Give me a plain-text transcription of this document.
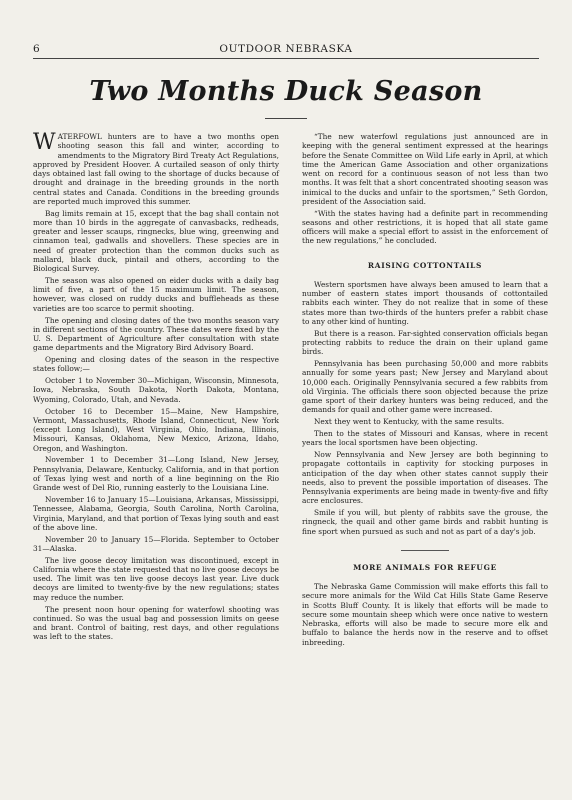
6	OUTDOOR NEBRASKA
Two Months Duck Season

WATERFOWL hunters are to have a two months open shooting season this fall and winter, according to amendments to the Migratory Bird Treaty Act Regulations, approved by President Hoover. A curtailed season of only thirty days obtained last fall owing to the shortage of ducks because of drought and drainage in the breeding grounds in the north central states and Canada. Conditions in the breeding grounds are reported much improved this summer.

Bag limits remain at 15, except that the bag shall contain not more than 10 birds in the aggregate of canvasbacks, redheads, greater and lesser scaups, ringnecks, blue wing, greenwing and cinnamon teal, gadwalls and shovellers. These species are in need of greater protection than the common ducks such as mallard, black duck, pintail and others, according to the Biological Survey.

The season was also opened on eider ducks with a daily bag limit of five, a part of the 15 maximum limit. The season, however, was closed on ruddy ducks and buffleheads as these varieties are too scarce to permit shooting.

The opening and closing dates of the two months season vary in different sections of the country. These dates were fixed by the U. S. Department of Agriculture after consultation with state game departments and the Migratory Bird Advisory Board.

Opening and closing dates of the season in the respective states follow;—

October 1 to November 30—Michigan, Wisconsin, Minnesota, Iowa, Nebraska, South Dakota, North Dakota, Montana, Wyoming, Colorado, Utah, and Nevada.

October 16 to December 15—Maine, New Hampshire, Vermont, Massachusetts, Rhode Island, Connecticut, New York (except Long Island), West Virginia, Ohio, Indiana, Illinois, Missouri, Kansas, Oklahoma, New Mexico, Arizona, Idaho, Oregon, and Washington.

November 1 to December 31—Long Island, New Jersey, Pennsylvania, Delaware, Kentucky, California, and in that portion of Texas lying west and north of a line beginning on the Rio Grande west of Del Rio, running easterly to the Louisiana Line.

November 16 to January 15—Louisiana, Arkansas, Mississippi, Tennessee, Alabama, Georgia, South Carolina, North Carolina, Virginia, Maryland, and that portion of Texas lying south and east of the above line.

November 20 to January 15—Florida. September to October 31—Alaska.

The live goose decoy limitation was discontinued, except in California where the state requested that no live goose decoys be used. The limit was ten live goose decoys last year. Live duck decoys are limited to twenty-five by the new regulations; states may reduce the number.

The present noon hour opening for waterfowl shooting was continued. So was the usual bag and possession limits on geese and brant. Control of baiting, rest days, and other regulations was left to the states.

“The new waterfowl regulations just announced are in keeping with the general sentiment expressed at the hearings before the Senate Committee on Wild Life early in April, at which time the American Game Association and other organizations went on record for a continuous season of not less than two months. It was felt that a short concentrated shooting season was inimical to the ducks and unfair to the sportsmen,” Seth Gordon, president of the Association said.

“With the states having had a definite part in recommending seasons and other restrictions, it is hoped that all state game officers will make a special effort to assist in the enforcement of the new regulations,” he concluded.

RAISING COTTONTAILS

Western sportsmen have always been amused to learn that a number of eastern states import thousands of cottontailed rabbits each winter. They do not realize that in some of these states more than two-thirds of the hunters prefer a rabbit chase to any other kind of hunting.

But there is a reason. Far-sighted conservation officials began protecting rabbits to reduce the drain on their upland game birds.

Pennsylvania has been purchasing 50,000 and more rabbits annually for some years past; New Jersey and Maryland about 10,000 each. Originally Pennsylvania secured a few rabbits from old Virginia. The officials there soon objected because the prize game sport of their darkey hunters was being reduced, and the demands for quail and other game were increased.

Next they went to Kentucky, with the same results.

Then to the states of Missouri and Kansas, where in recent years the local sportsmen have been objecting.

Now Pennsylvania and New Jersey are both beginning to propagate cottontails in captivity for stocking purposes in anticipation of the day when other states cannot supply their needs, also to prevent the possible importation of diseases. The Pennsylvania experiments are being made in twenty-five and fifty acre enclosures.

Smile if you will, but plenty of rabbits save the grouse, the ringneck, the quail and other game birds and rabbit hunting is fine sport when pursued as such and not as part of a day's job.

MORE ANIMALS FOR REFUGE

The Nebraska Game Commission will make efforts this fall to secure more animals for the Wild Cat Hills State Game Reserve in Scotts Bluff County. It is likely that efforts will be made to secure some mountain sheep which were once native to western Nebraska, efforts will also be made to secure more elk and buffalo to balance the herds now in the reserve and to offset inbreeding.
